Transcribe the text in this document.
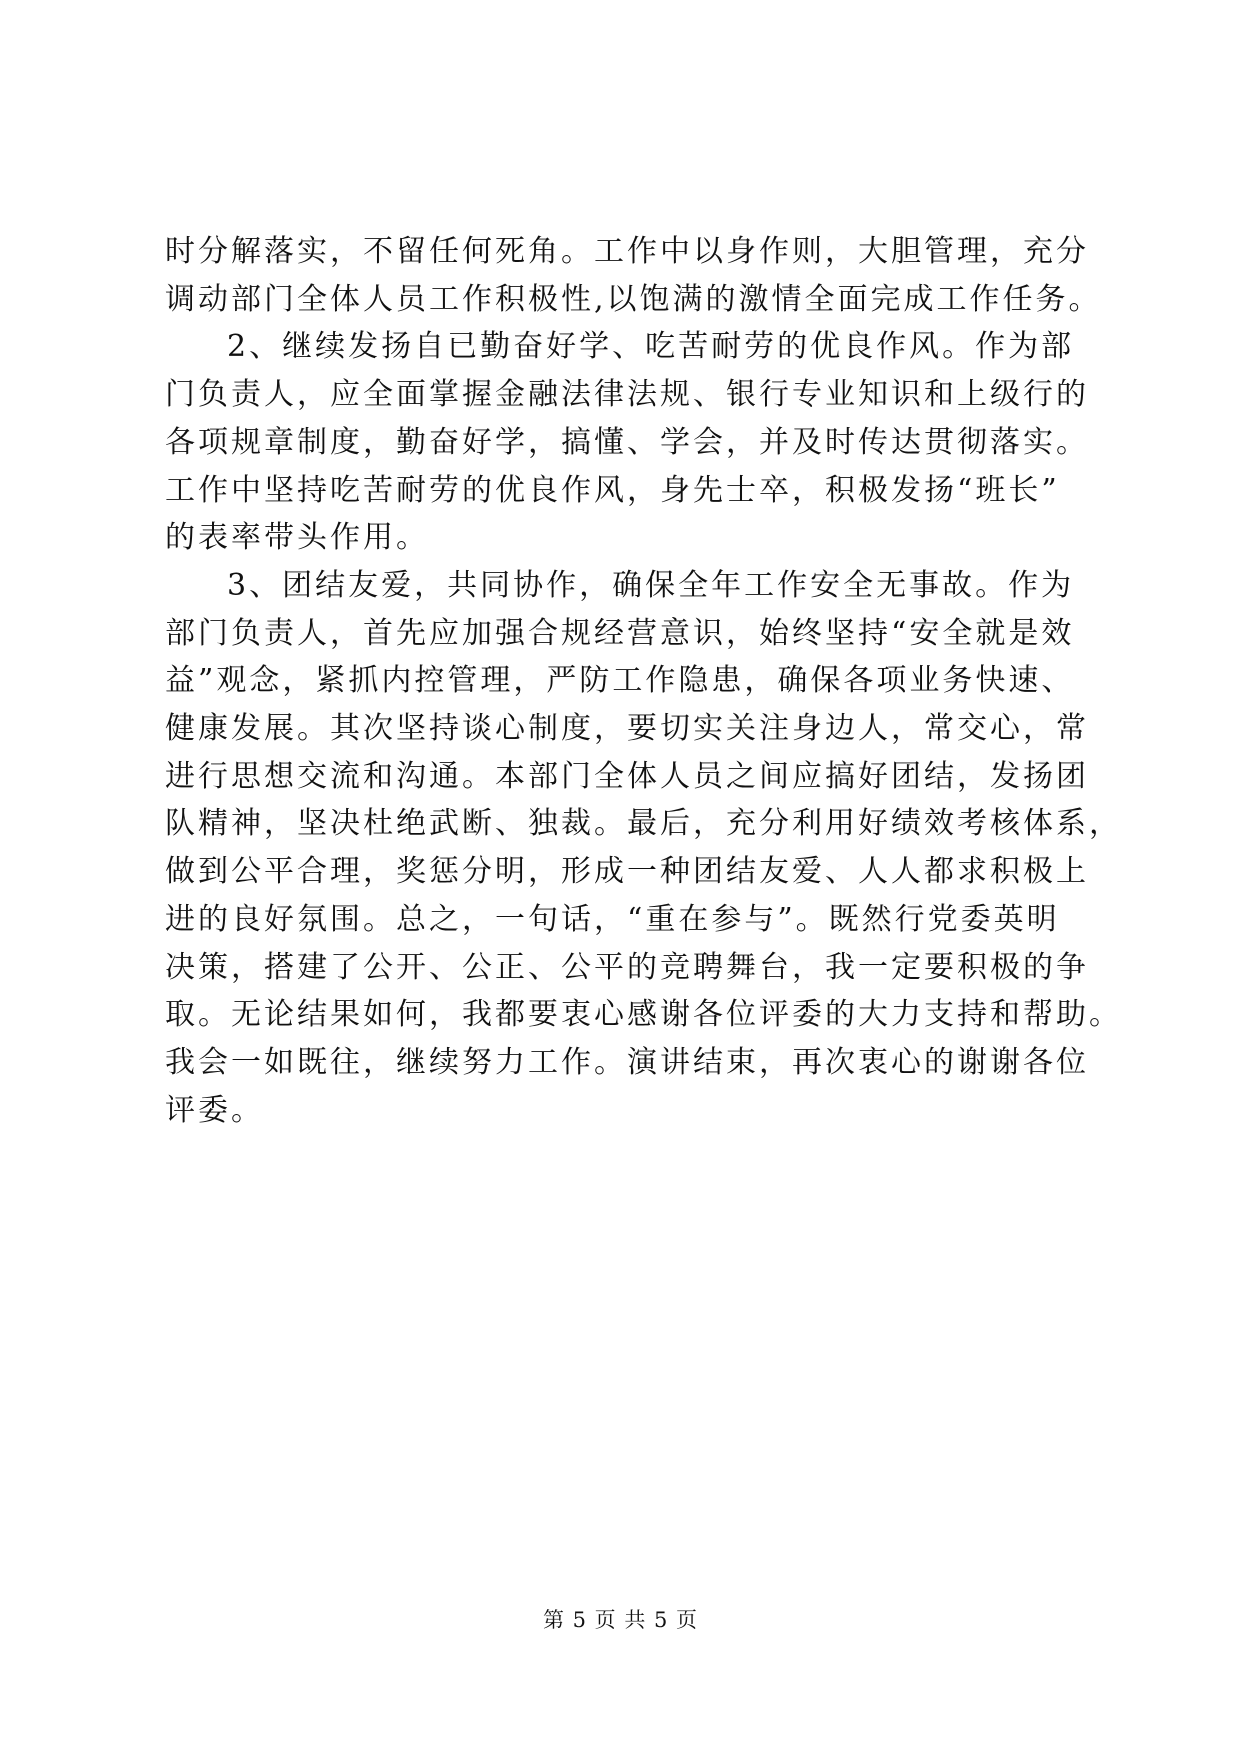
时分解落实，不留任何死角。工作中以身作则，大胆管理，充分
调动部门全体人员工作积极性,以饱满的激情全面完成工作任务。
2、继续发扬自已勤奋好学、吃苦耐劳的优良作风。作为部
门负责人，应全面掌握金融法律法规、银行专业知识和上级行的
各项规章制度，勤奋好学，搞懂、学会，并及时传达贯彻落实。
工作中坚持吃苦耐劳的优良作风，身先士卒，积极发扬“班长”
的表率带头作用。
3、团结友爱，共同协作，确保全年工作安全无事故。作为
部门负责人，首先应加强合规经营意识，始终坚持“安全就是效
益”观念，紧抓内控管理，严防工作隐患，确保各项业务快速、
健康发展。其次坚持谈心制度，要切实关注身边人，常交心，常
进行思想交流和沟通。本部门全体人员之间应搞好团结，发扬团
队精神，坚决杜绝武断、独裁。最后，充分利用好绩效考核体系，
做到公平合理，奖惩分明，形成一种团结友爱、人人都求积极上
进的良好氛围。总之，一句话，“重在参与”。既然行党委英明
决策，搭建了公开、公正、公平的竞聘舞台，我一定要积极的争
取。无论结果如何，我都要衷心感谢各位评委的大力支持和帮助。
我会一如既往，继续努力工作。演讲结束，再次衷心的谢谢各位
评委。
第 5 页 共 5 页
